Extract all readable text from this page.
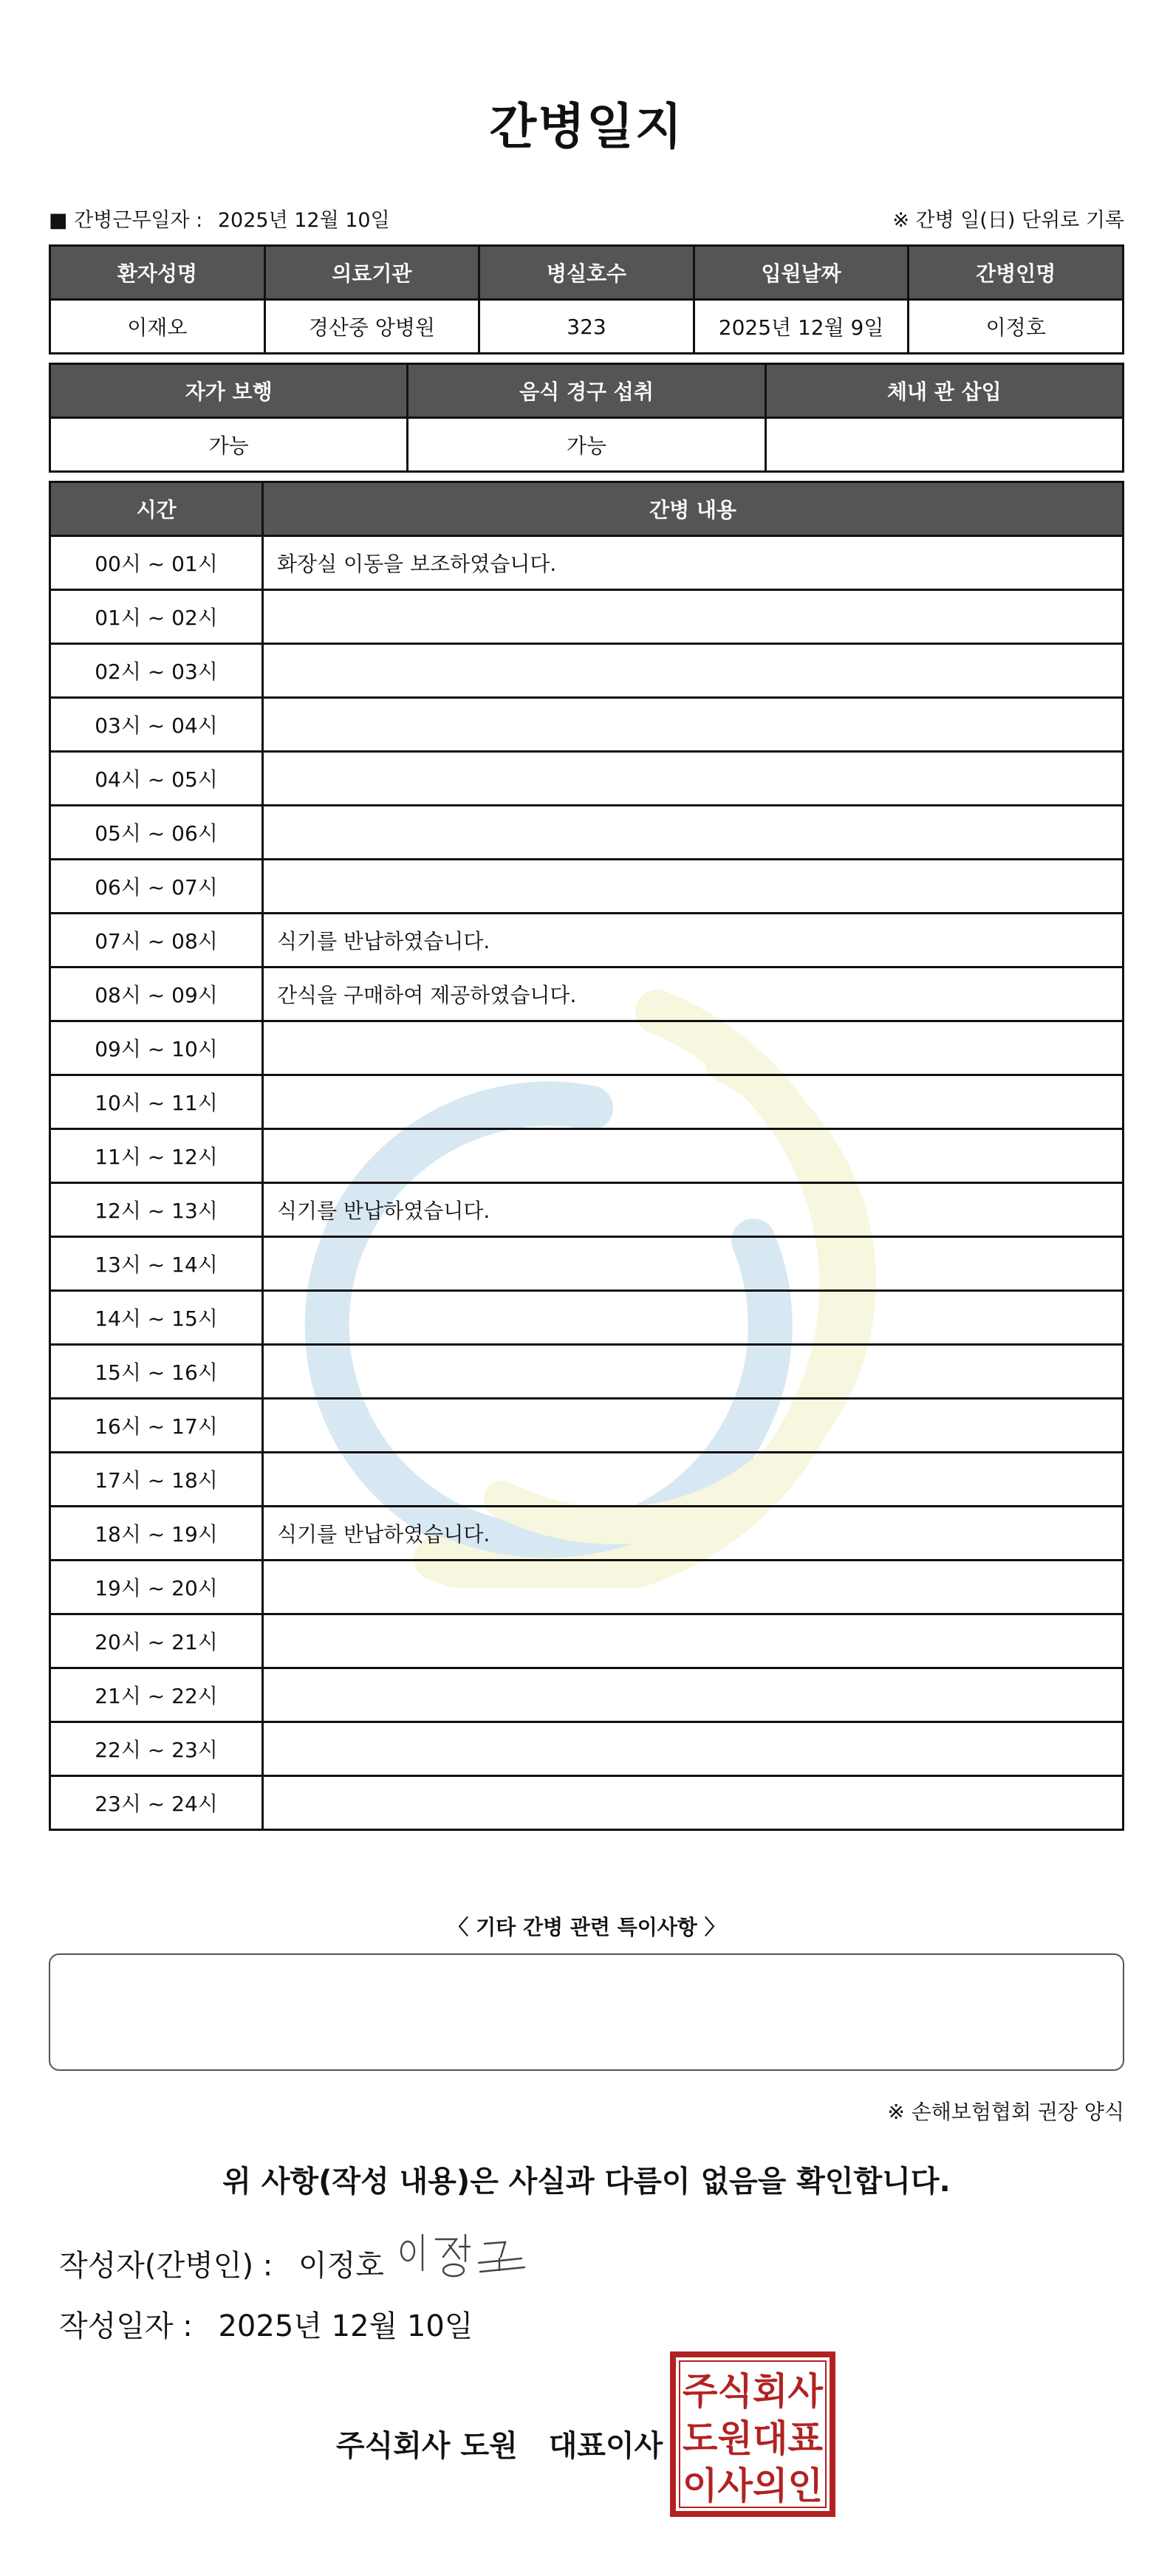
간병일지
■ 간병근무일자 : 2025년 12월 10일	※ 간병 일(日) 단위로 기록
환자성명	의료기관	병실호수	입원날짜	간병인명
이재오	경산중 앙병원	323	2025년 12월 9일	이정호
자가 보행	음식 경구 섭취	체내 관 삽입
가능	가능	
시간	간병 내용
00시 ~ 01시	화장실 이동을 보조하였습니다.
01시 ~ 02시	
02시 ~ 03시	
03시 ~ 04시	
04시 ~ 05시	
05시 ~ 06시	
06시 ~ 07시	
07시 ~ 08시	식기를 반납하였습니다.
08시 ~ 09시	간식을 구매하여 제공하였습니다.
09시 ~ 10시	
10시 ~ 11시	
11시 ~ 12시	
12시 ~ 13시	식기를 반납하였습니다.
13시 ~ 14시	
14시 ~ 15시	
15시 ~ 16시	
16시 ~ 17시	
17시 ~ 18시	
18시 ~ 19시	식기를 반납하였습니다.
19시 ~ 20시	
20시 ~ 21시	
21시 ~ 22시	
22시 ~ 23시	
23시 ~ 24시	
〈 기타 간병 관련 특이사항 〉
※ 손해보험협회 권장 양식
위 사항(작성 내용)은 사실과 다름이 없음을 확인합니다.
작성자(간병인) : 이정호
작성일자 : 2025년 12월 10일
주식회사 도원 대표이사
주식회사
도원대표
이사의인
